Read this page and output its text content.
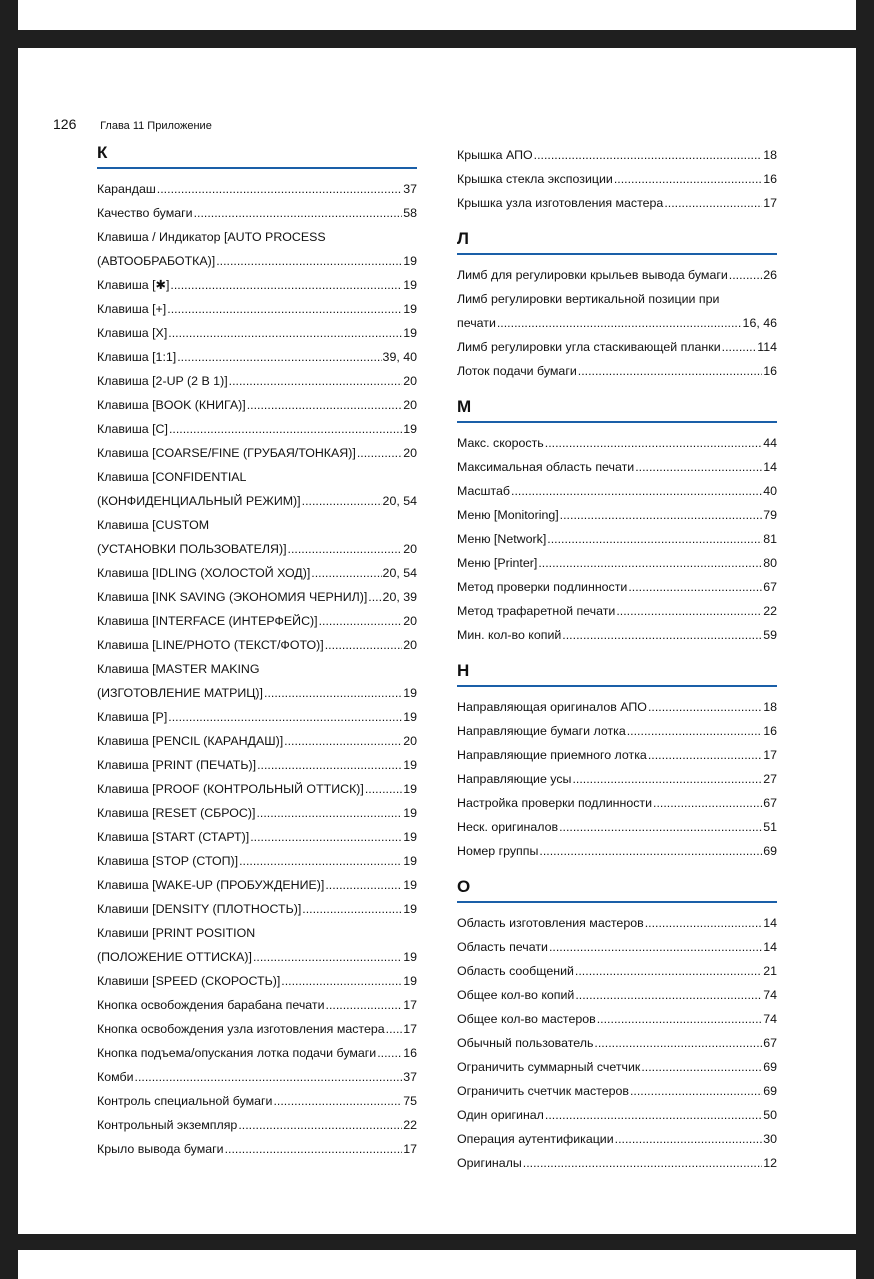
126 Глава 11 Приложение
К
Карандаш .....	37
Качество бумаги .....	58
Клавиша / Индикатор [AUTO PROCESS
(АВТООБРАБОТКА)] .....	19
Клавиша [✱] .....	19
Клавиша [+] .....	19
Клавиша [X] .....	19
Клавиша [1:1] .....	39, 40
Клавиша [2-UP (2 В 1)] .....	20
Клавиша [BOOK (КНИГА)] .....	20
Клавиша [C] .....	19
Клавиша [COARSE/FINE (ГРУБАЯ/ТОНКАЯ)] .....	20
Клавиша [CONFIDENTIAL
(КОНФИДЕНЦИАЛЬНЫЙ РЕЖИМ)] .....	20, 54
Клавиша [CUSTOM
(УСТАНОВКИ ПОЛЬЗОВАТЕЛЯ)] .....	20
Клавиша [IDLING (ХОЛОСТОЙ ХОД)] .....	20, 54
Клавиша [INK SAVING (ЭКОНОМИЯ ЧЕРНИЛ)] ..... 20, 39
Клавиша [INTERFACE (ИНТЕРФЕЙС)] .....	20
Клавиша [LINE/PHOTO (ТЕКСТ/ФОТО)] .....	20
Клавиша [MASTER MAKING
(ИЗГОТОВЛЕНИЕ МАТРИЦ)] .....	19
Клавиша [P] .....	19
Клавиша [PENCIL (КАРАНДАШ)] .....	20
Клавиша [PRINT (ПЕЧАТЬ)] .....	19
Клавиша [PROOF (КОНТРОЛЬНЫЙ ОТТИСК)] .....	19
Клавиша [RESET (СБРОС)] .....	19
Клавиша [START (СТАРТ)] .....	19
Клавиша [STOP (СТОП)] .....	19
Клавиша [WAKE-UP (ПРОБУЖДЕНИЕ)] .....	19
Клавиши [DENSITY (ПЛОТНОСТЬ)] .....	19
Клавиши [PRINT POSITION
(ПОЛОЖЕНИЕ ОТТИСКА)] .....	19
Клавиши [SPEED (СКОРОСТЬ)] .....	19
Кнопка освобождения барабана печати .....	17
Кнопка освобождения узла изготовления мастера ..... 17
Кнопка подъема/опускания лотка подачи бумаги ..... 16
Комби .....	37
Контроль специальной бумаги .....	75
Контрольный экземпляр .....	22
Крыло вывода бумаги .....	17
Крышка АПО .....	18
Крышка стекла экспозиции .....	16
Крышка узла изготовления мастера .....	17
Л
Лимб для регулировки крыльев вывода бумаги .....	26
Лимб регулировки вертикальной позиции при
печати .....	16, 46
Лимб регулировки угла стаскивающей планки .....	114
Лоток подачи бумаги .....	16
М
Макс. скорость .....	44
Максимальная область печати .....	14
Масштаб .....	40
Меню [Monitoring] .....	79
Меню [Network] .....	81
Меню [Printer] .....	80
Метод проверки подлинности .....	67
Метод трафаретной печати .....	22
Мин. кол-во копий .....	59
Н
Направляющая оригиналов АПО .....	18
Направляющие бумаги лотка .....	16
Направляющие приемного лотка .....	17
Направляющие усы .....	27
Настройка проверки подлинности .....	67
Неск. оригиналов .....	51
Номер группы .....	69
О
Область изготовления мастеров .....	14
Область печати .....	14
Область сообщений .....	21
Общее кол-во копий .....	74
Общее кол-во мастеров .....	74
Обычный пользователь .....	67
Ограничить суммарный счетчик .....	69
Ограничить счетчик мастеров .....	69
Один оригинал .....	50
Операция аутентификации .....	30
Оригиналы .....	12
